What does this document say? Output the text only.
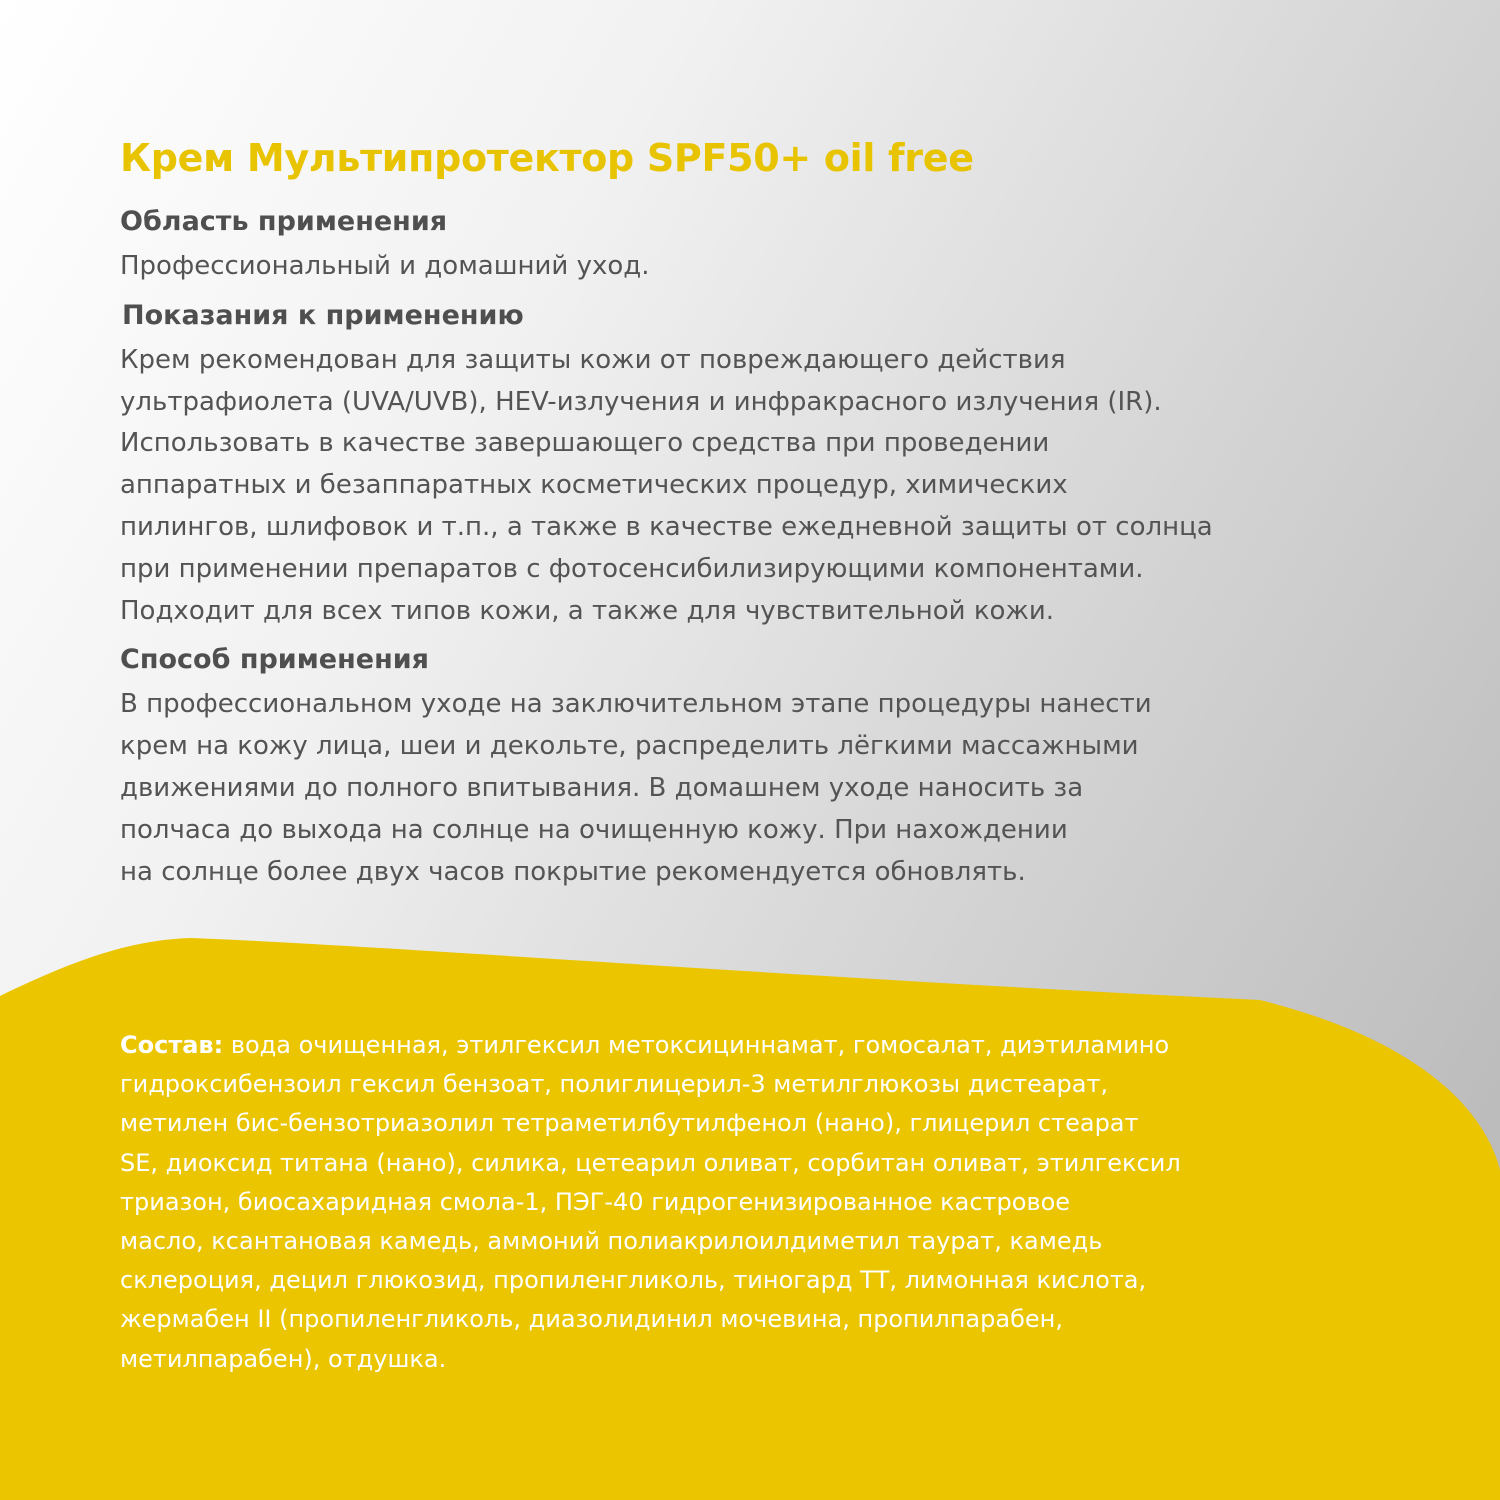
Крем Мультипротектор SPF50+ oil free
Область применения
Профессиональный и домашний уход.
Показания к применению
Крем рекомендован для защиты кожи от повреждающего действия
ультрафиолета (UVA/UVB), HEV-излучения и инфракрасного излучения (IR).
Использовать в качестве завершающего средства при проведении
аппаратных и безаппаратных косметических процедур, химических
пилингов, шлифовок и т.п., а также в качестве ежедневной защиты от солнца
при применении препаратов с фотосенсибилизирующими компонентами.
Подходит для всех типов кожи, а также для чувствительной кожи.
Способ применения
В профессиональном уходе на заключительном этапе процедуры нанести
крем на кожу лица, шеи и декольте, распределить лёгкими массажными
движениями до полного впитывания. В домашнем уходе наносить за
полчаса до выхода на солнце на очищенную кожу. При нахождении
на солнце более двух часов покрытие рекомендуется обновлять.
Состав: вода очищенная, этилгексил метоксициннамат, гомосалат, диэтиламино
гидроксибензоил гексил бензоат, полиглицерил-3 метилглюкозы дистеарат,
метилен бис-бензотриазолил тетраметилбутилфенол (нано), глицерил стеарат
SE, диоксид титана (нано), силика, цетеарил оливат, сорбитан оливат, этилгексил
триазон, биосахаридная смола-1, ПЭГ-40 гидрогенизированное кастровое
масло, ксантановая камедь, аммоний полиакрилоилдиметил таурат, камедь
склероция, децил глюкозид, пропиленгликоль, тиногард ТТ, лимонная кислота,
жермабен II (пропиленгликоль, диазолидинил мочевина, пропилпарабен,
метилпарабен), отдушка.
